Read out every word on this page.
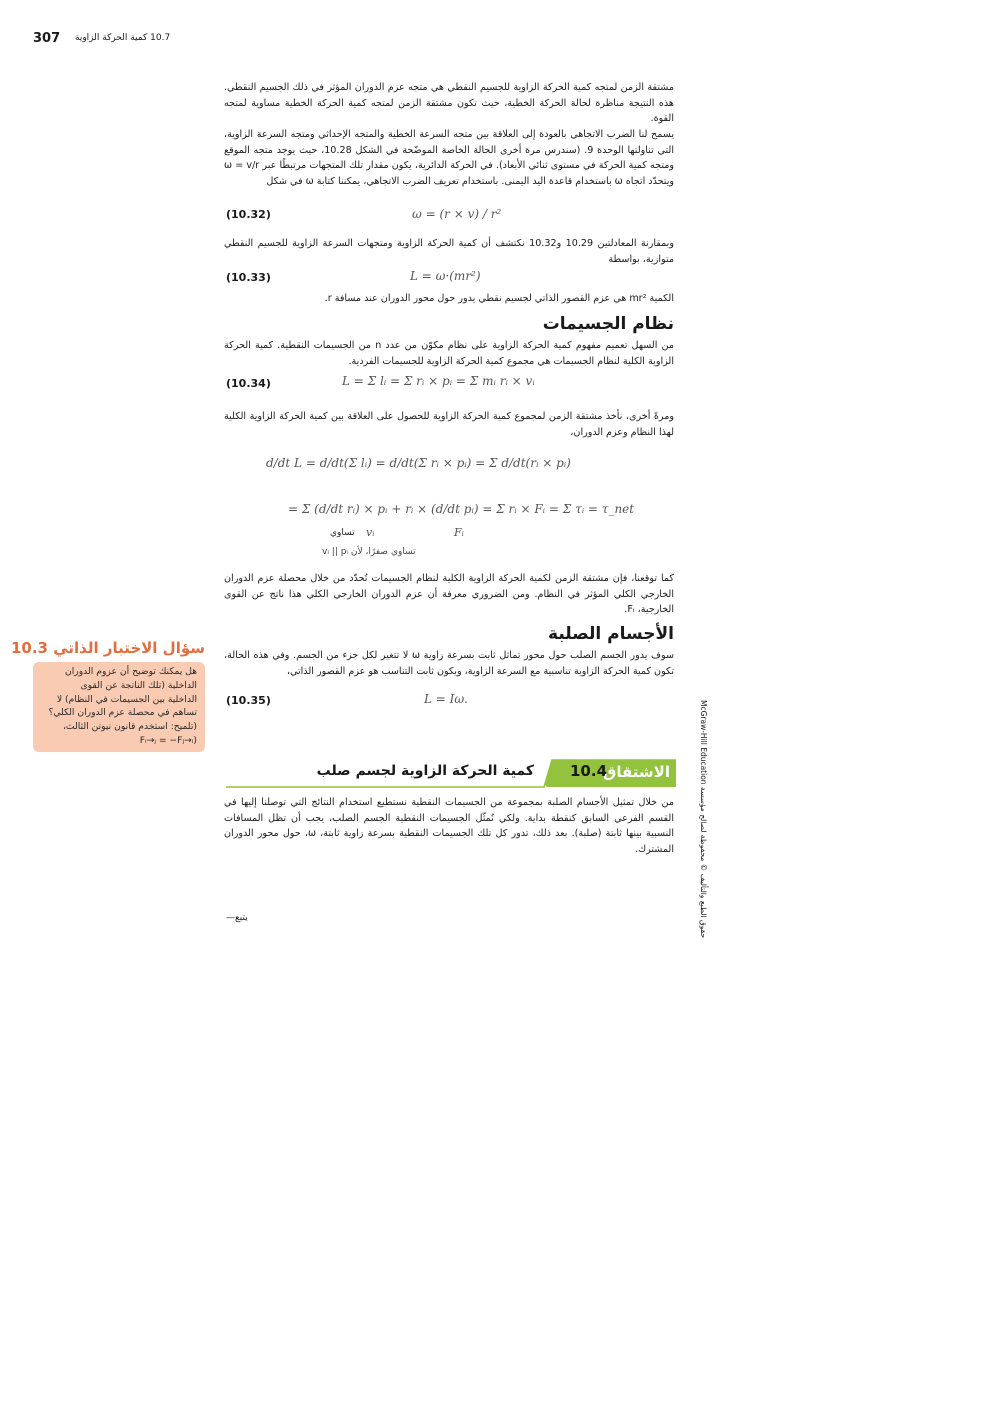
307 10.7 كمية الحركة الزاوية
مشتقة الزمن لمتجه كمية الحركة الزاوية للجسيم النقطي هي متجه عزم الدوران المؤثر في ذلك الجسيم النقطي. هذه النتيجة مناظرة لحالة الحركة الخطية، حيث تكون مشتقة الزمن لمتجه كمية الحركة الخطية مساوية لمتجه القوة.
يسمح لنا الضرب الاتجاهي بالعودة إلى العلاقة بين متجه السرعة الخطية والمتجه الإحداثي ومتجه السرعة الزاوية، التي تناولتها الوحدة 9. (سندرس مرة أخرى الحالة الخاصة الموضّحة في الشكل 10.28، حيث يوجد متجه الموقع ومتجه كمية الحركة في مستوى ثنائي الأبعاد). في الحركة الدائرية، يكون مقدار تلك المتجهات مرتبطًا عبر ω = v/r ويتحدّد اتجاه ω باستخدام قاعدة اليد اليمنى. باستخدام تعريف الضرب الاتجاهي، يمكننا كتابة ω في شكل
(10.32)	ω = (r × v) / r²
وبمقارنة المعادلتين 10.29 و10.32 نكتشف أن كمية الحركة الزاوية ومتجهات السرعة الزاوية للجسيم النقطي متوازية، بواسطة
(10.33)	L = ω·(mr²)
الكمية mr² هي عزم القصور الذاتي لجسيم نقطي يدور حول محور الدوران عند مسافة r.
نظام الجسيمات
من السهل تعميم مفهوم كمية الحركة الزاوية على نظام مكوّن من عدد n من الجسيمات النقطية. كمية الحركة الزاوية الكلية لنظام الجسيمات هي مجموع كمية الحركة الزاوية للجسيمات الفردية.
(10.34)	L = Σ lᵢ = Σ rᵢ × pᵢ = Σ mᵢ rᵢ × vᵢ
ومرةً أخرى، نأخذ مشتقة الزمن لمجموع كمية الحركة الزاوية للحصول على العلاقة بين كمية الحركة الزاوية الكلية لهذا النظام وعزم الدوران،
d/dt L = d/dt(Σ lᵢ) = d/dt(Σ rᵢ × pᵢ) = Σ d/dt(rᵢ × pᵢ)
= Σ (d/dt rᵢ) × pᵢ + rᵢ × (d/dt pᵢ) = Σ rᵢ × Fᵢ = Σ τᵢ = τ_net
تساوي vᵢ	Fᵢ
تساوي صفرًا، لأن vᵢ || pᵢ
كما توقعنا، فإن مشتقة الزمن لكمية الحركة الزاوية الكلية لنظام الجسيمات تُحدّد من خلال محصلة عزم الدوران الخارجي الكلي المؤثر في النظام. ومن الضروري معرفة أن عزم الدوران الخارجي الكلي هذا ناتج عن القوى الخارجية، Fᵢ.
الأجسام الصلبة
سوف يدور الجسم الصلب حول محور تماثل ثابت بسرعة زاوية ω لا تتغير لكل جزء من الجسم. وفي هذه الحالة، تكون كمية الحركة الزاوية تناسبية مع السرعة الزاوية، ويكون ثابت التناسب هو عزم القصور الذاتي،
(10.35)	L = Iω.
سؤال الاختبار الذاتي 10.3
هل يمكنك توضيح أن عزوم الدوران
الداخلية (تلك الناتجة عن القوى
الداخلية بين الجسيمات في النظام) لا
تساهم في محصلة عزم الدوران الكلي؟
(تلميح: استخدم قانون نيوتن الثالث،
(Fᵢ→ⱼ = −Fⱼ→ᵢ
الاشتقاق
10.4
كمية الحركة الزاوية لجسم صلب
من خلال تمثيل الأجسام الصلبة بمجموعة من الجسيمات النقطية نستطيع استخدام النتائج التي توصلنا إليها في القسم الفرعي السابق كنقطة بداية. ولكي تُمثّل الجسيمات النقطية الجسم الصلب، يجب أن تظل المسافات النسبية بينها ثابتة (صلبة). بعد ذلك، تدور كل تلك الجسيمات النقطية بسرعة زاوية ثابتة، ω، حول محور الدوران المشترك.
يتبع—
McGraw-Hill Education حقوق الطبع والتأليف © محفوظة لصالح مؤسسة
